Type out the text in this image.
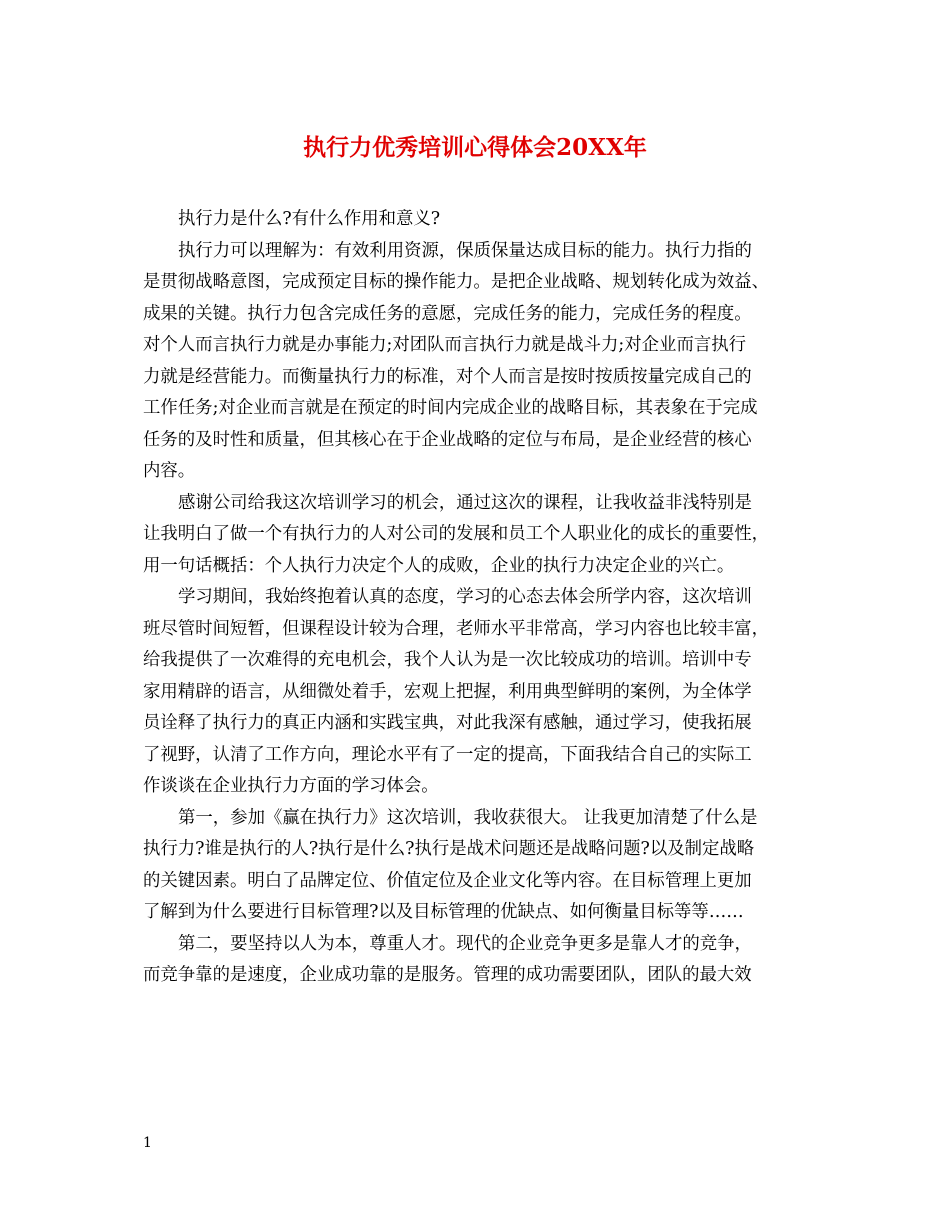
执行力优秀培训心得体会20XX年

执行力是什么?有什么作用和意义?

执行力可以理解为：有效利用资源，保质保量达成目标的能力。执行力指的
是贯彻战略意图，完成预定目标的操作能力。是把企业战略、规划转化成为效益、
成果的关键。执行力包含完成任务的意愿，完成任务的能力，完成任务的程度。
对个人而言执行力就是办事能力;对团队而言执行力就是战斗力;对企业而言执行
力就是经营能力。而衡量执行力的标准，对个人而言是按时按质按量完成自己的
工作任务;对企业而言就是在预定的时间内完成企业的战略目标，其表象在于完成
任务的及时性和质量，但其核心在于企业战略的定位与布局，是企业经营的核心
内容。

感谢公司给我这次培训学习的机会，通过这次的课程，让我收益非浅特别是
让我明白了做一个有执行力的人对公司的发展和员工个人职业化的成长的重要性，
用一句话概括：个人执行力决定个人的成败，企业的执行力决定企业的兴亡。

学习期间，我始终抱着认真的态度，学习的心态去体会所学内容，这次培训
班尽管时间短暂，但课程设计较为合理，老师水平非常高，学习内容也比较丰富，
给我提供了一次难得的充电机会，我个人认为是一次比较成功的培训。培训中专
家用精辟的语言，从细微处着手，宏观上把握，利用典型鲜明的案例，为全体学
员诠释了执行力的真正内涵和实践宝典，对此我深有感触，通过学习，使我拓展
了视野，认清了工作方向，理论水平有了一定的提高，下面我结合自己的实际工
作谈谈在企业执行力方面的学习体会。

第一，参加《赢在执行力》这次培训，我收获很大。 让我更加清楚了什么是
执行力?谁是执行的人?执行是什么?执行是战术问题还是战略问题?以及制定战略
的关键因素。明白了品牌定位、价值定位及企业文化等内容。在目标管理上更加
了解到为什么要进行目标管理?以及目标管理的优缺点、如何衡量目标等等……

第二，要坚持以人为本，尊重人才。现代的企业竞争更多是靠人才的竞争，
而竞争靠的是速度，企业成功靠的是服务。管理的成功需要团队，团队的最大效

1
